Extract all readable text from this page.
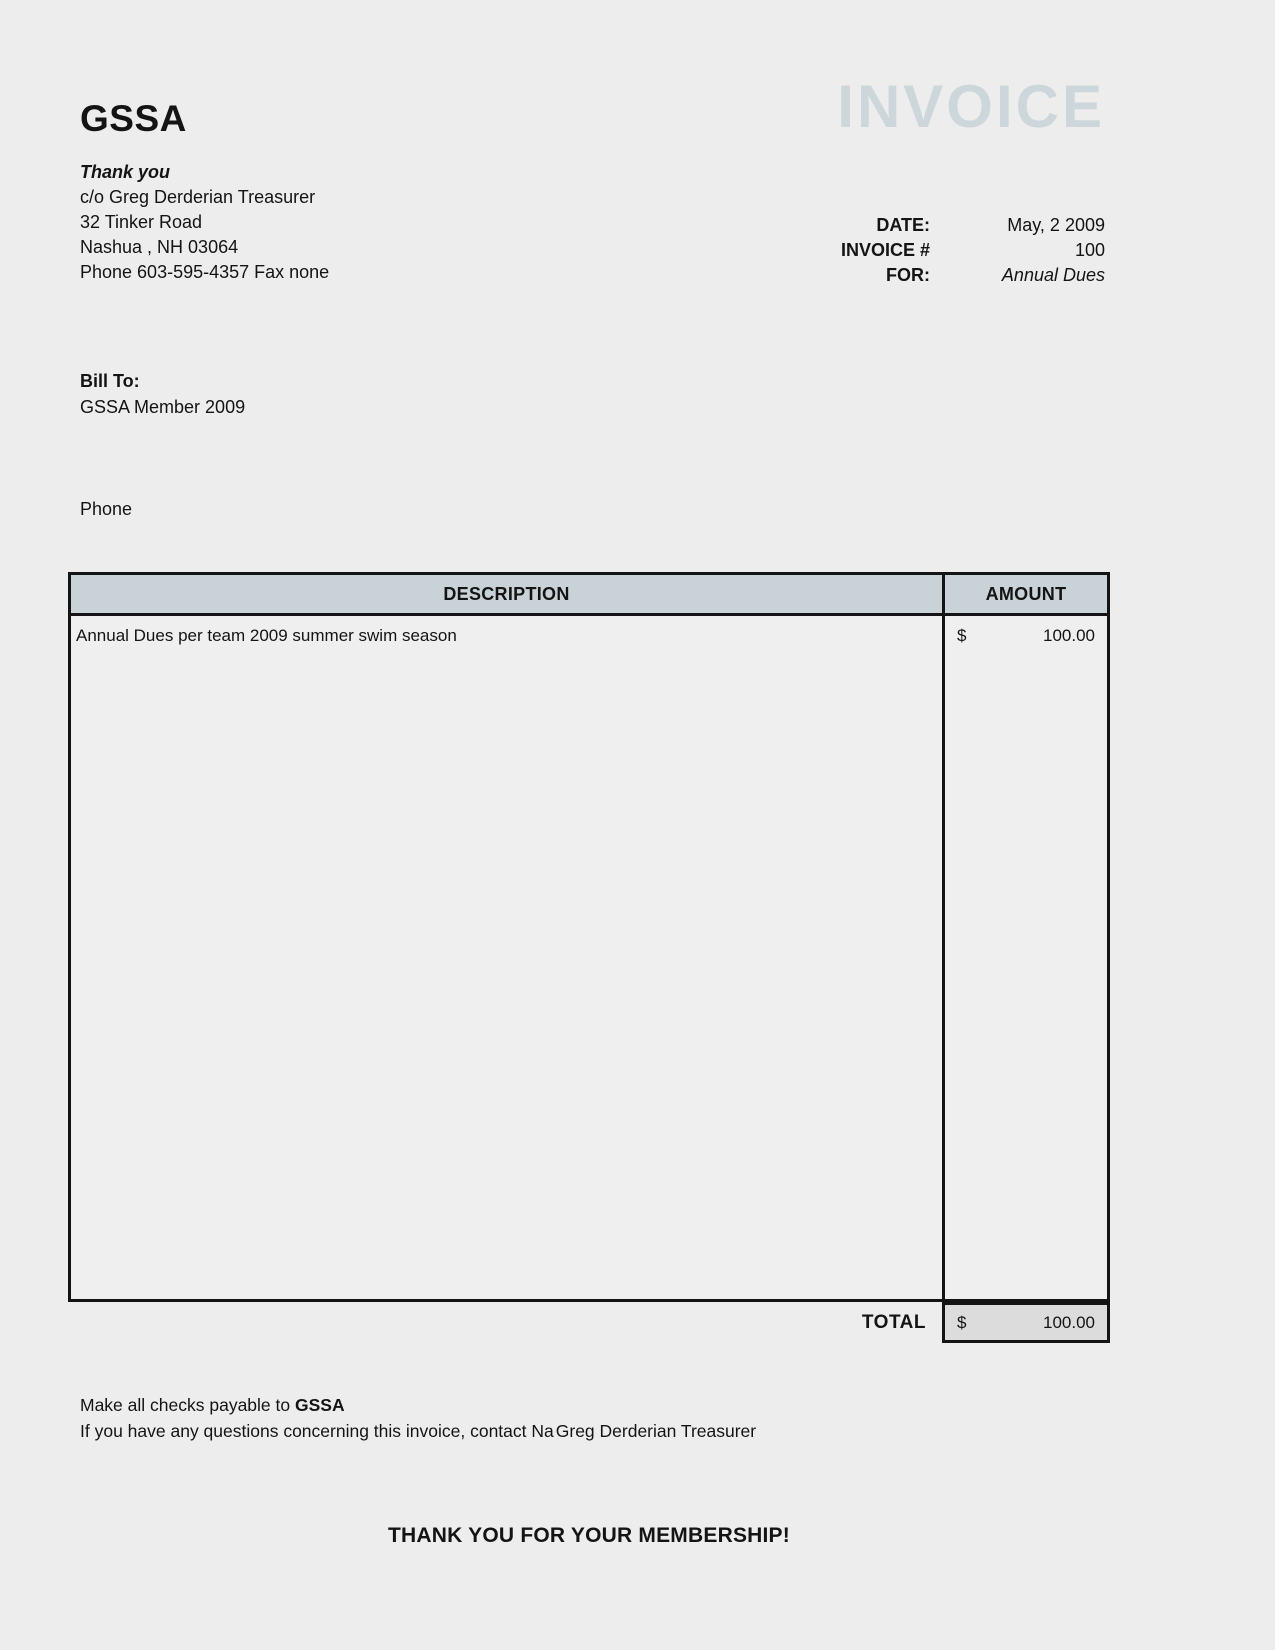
GSSA
Thank you
c/o Greg Derderian Treasurer
32 Tinker Road
Nashua , NH 03064
Phone 603-595-4357 Fax none
INVOICE
DATE:	May, 2 2009
INVOICE #	100
FOR:	Annual Dues
Bill To:
GSSA Member 2009
Phone
DESCRIPTION	AMOUNT
Annual Dues per team 2009 summer swim season	$	100.00
TOTAL $	100.00
Make all checks payable to GSSA
If you have any questions concerning this invoice, contact Na Greg Derderian Treasurer
THANK YOU FOR YOUR MEMBERSHIP!
